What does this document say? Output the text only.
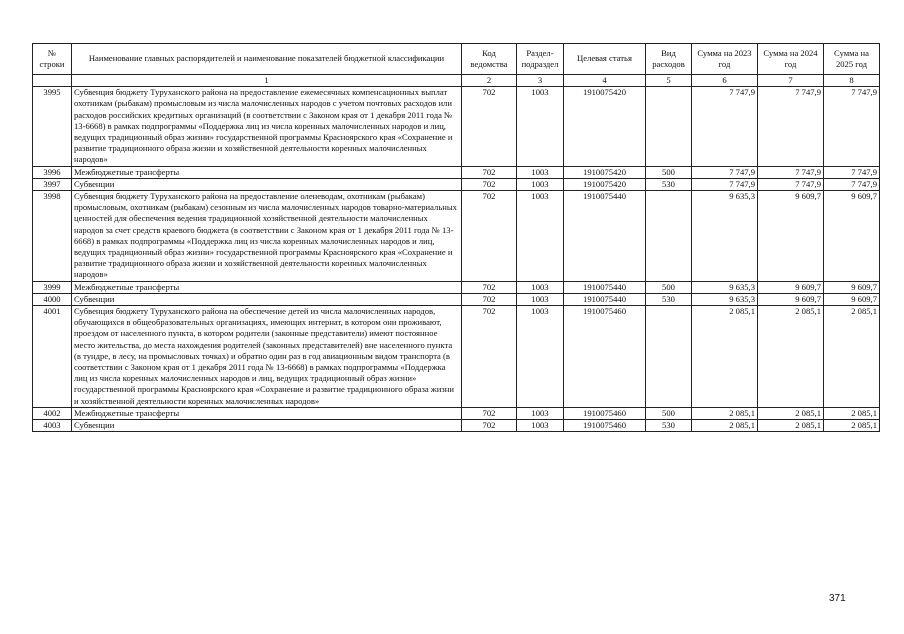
№ строки	Наименование главных распорядителей и наименование показателей бюджетной классификации	Код ведомства	Раздел-подраздел	Целевая статья	Вид расходов	Сумма на 2023 год	Сумма на 2024 год	Сумма на 2025 год
	1	2	3	4	5	6	7	8
3995	Субвенция бюджету Туруханского района на предоставление ежемесячных компенсационных выплат охотникам (рыбакам) промысловым из числа малочисленных народов с учетом почтовых расходов или расходов российских кредитных организаций (в соответствии с Законом края от 1 декабря 2011 года № 13-6668) в рамках подпрограммы «Поддержка лиц из числа коренных малочисленных народов и лиц, ведущих традиционный образ жизни» государственной программы Красноярского края «Сохранение и развитие традиционного образа жизни и хозяйственной деятельности коренных малочисленных народов»	702	1003	1910075420		7 747,9	7 747,9	7 747,9
3996	Межбюджетные трансферты	702	1003	1910075420	500	7 747,9	7 747,9	7 747,9
3997	Субвенции	702	1003	1910075420	530	7 747,9	7 747,9	7 747,9
3998	Субвенция бюджету Туруханского района на предоставление оленеводам, охотникам (рыбакам) промысловым, охотникам (рыбакам) сезонным из числа малочисленных народов товарно-материальных ценностей для обеспечения ведения традиционной хозяйственной деятельности малочисленных народов за счет средств краевого бюджета (в соответствии с Законом края от 1 декабря 2011 года № 13-6668) в рамках подпрограммы «Поддержка лиц из числа коренных малочисленных народов и лиц, ведущих традиционный образ жизни» государственной программы Красноярского края «Сохранение и развитие традиционного образа жизни и хозяйственной деятельности коренных малочисленных народов»	702	1003	1910075440		9 635,3	9 609,7	9 609,7
3999	Межбюджетные трансферты	702	1003	1910075440	500	9 635,3	9 609,7	9 609,7
4000	Субвенции	702	1003	1910075440	530	9 635,3	9 609,7	9 609,7
4001	Субвенция бюджету Туруханского района на обеспечение детей из числа малочисленных народов, обучающихся в общеобразовательных организациях, имеющих интернат, в котором они проживают, проездом от населенного пункта, в котором родители (законные представители) имеют постоянное место жительства, до места нахождения родителей (законных представителей) вне населенного пункта (в тундре, в лесу, на промысловых точках) и обратно один раз в год авиационным видом транспорта (в соответствии с Законом края от 1 декабря 2011 года № 13-6668) в рамках подпрограммы «Поддержка лиц из числа коренных малочисленных народов и лиц, ведущих традиционный образ жизни» государственной программы Красноярского края «Сохранение и развитие традиционного образа жизни и хозяйственной деятельности коренных малочисленных народов»	702	1003	1910075460		2 085,1	2 085,1	2 085,1
4002	Межбюджетные трансферты	702	1003	1910075460	500	2 085,1	2 085,1	2 085,1
4003	Субвенции	702	1003	1910075460	530	2 085,1	2 085,1	2 085,1
371
